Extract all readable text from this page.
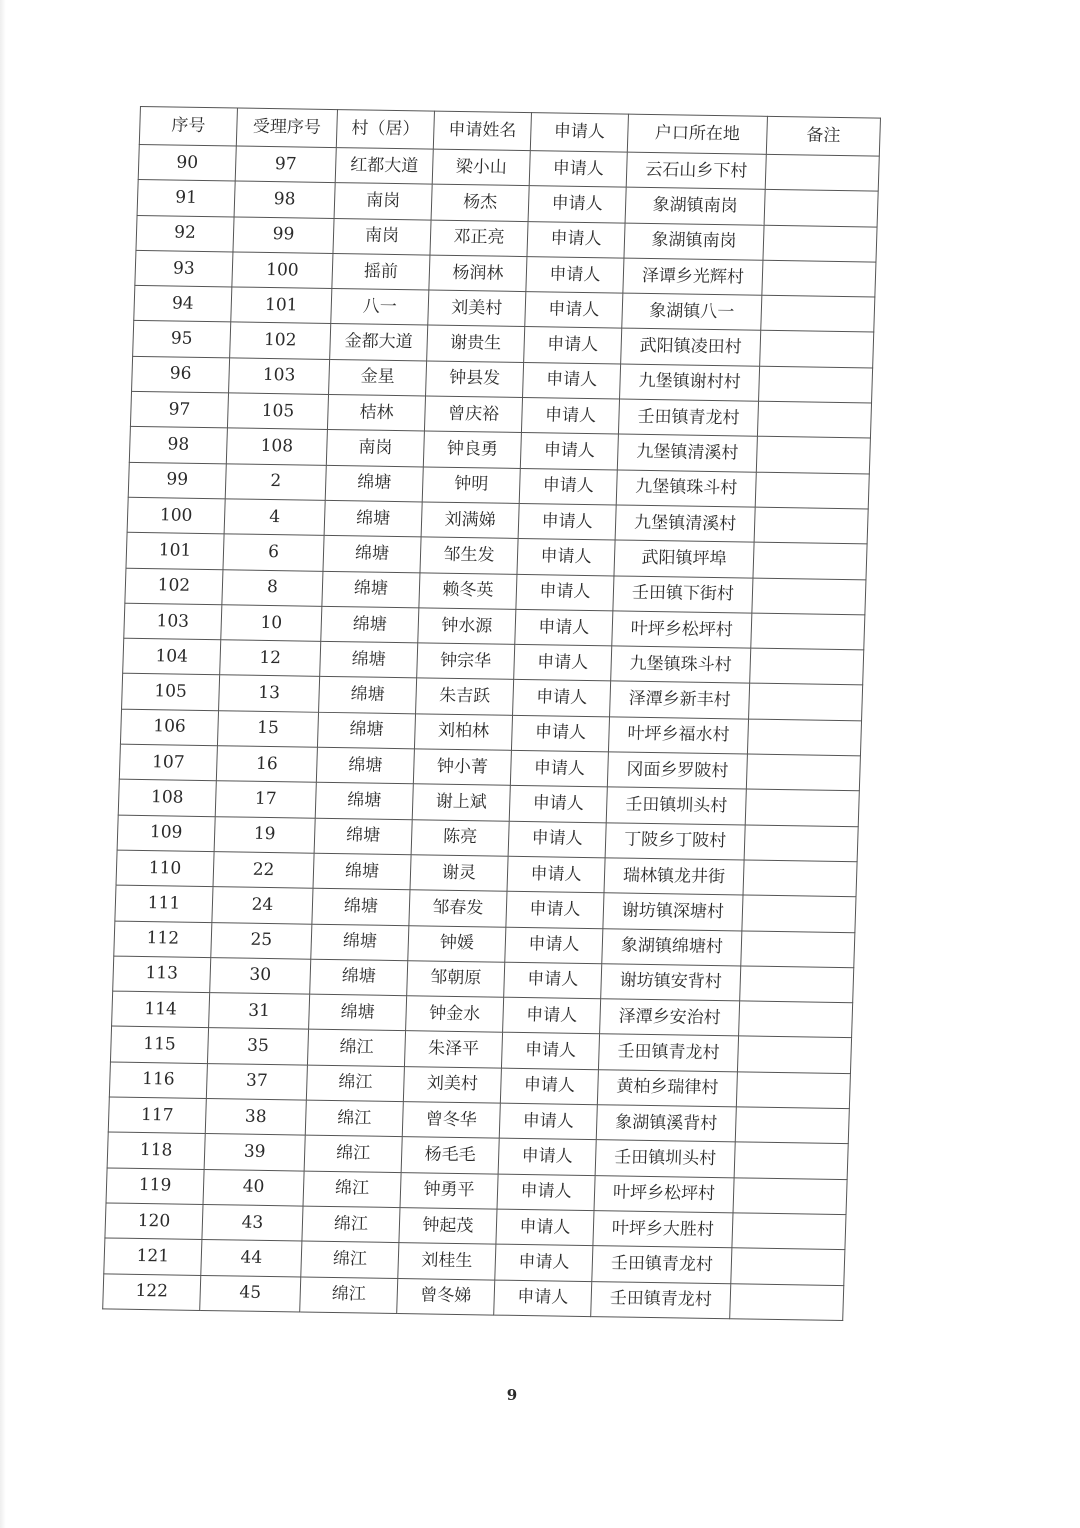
序号	受理序号	村（居）	申请姓名	申请人	户口所在地	备注
90	97	红都大道	梁小山	申请人	云石山乡下村	
91	98	南岗	杨杰	申请人	象湖镇南岗	
92	99	南岗	邓正亮	申请人	象湖镇南岗	
93	100	摇前	杨润林	申请人	泽谭乡光辉村	
94	101	八一	刘美村	申请人	象湖镇八一	
95	102	金都大道	谢贵生	申请人	武阳镇凌田村	
96	103	金星	钟县发	申请人	九堡镇谢村村	
97	105	桔林	曾庆裕	申请人	壬田镇青龙村	
98	108	南岗	钟良勇	申请人	九堡镇清溪村	
99	2	绵塘	钟明	申请人	九堡镇珠斗村	
100	4	绵塘	刘满娣	申请人	九堡镇清溪村	
101	6	绵塘	邹生发	申请人	武阳镇坪埠	
102	8	绵塘	赖冬英	申请人	壬田镇下街村	
103	10	绵塘	钟水源	申请人	叶坪乡松坪村	
104	12	绵塘	钟宗华	申请人	九堡镇珠斗村	
105	13	绵塘	朱吉跃	申请人	泽潭乡新丰村	
106	15	绵塘	刘柏林	申请人	叶坪乡福水村	
107	16	绵塘	钟小菁	申请人	冈面乡罗陂村	
108	17	绵塘	谢上斌	申请人	壬田镇圳头村	
109	19	绵塘	陈亮	申请人	丁陂乡丁陂村	
110	22	绵塘	谢灵	申请人	瑞林镇龙井街	
111	24	绵塘	邹春发	申请人	谢坊镇深塘村	
112	25	绵塘	钟媛	申请人	象湖镇绵塘村	
113	30	绵塘	邹朝原	申请人	谢坊镇安背村	
114	31	绵塘	钟金水	申请人	泽潭乡安治村	
115	35	绵江	朱泽平	申请人	壬田镇青龙村	
116	37	绵江	刘美村	申请人	黄柏乡瑞律村	
117	38	绵江	曾冬华	申请人	象湖镇溪背村	
118	39	绵江	杨毛毛	申请人	壬田镇圳头村	
119	40	绵江	钟勇平	申请人	叶坪乡松坪村	
120	43	绵江	钟起茂	申请人	叶坪乡大胜村	
121	44	绵江	刘桂生	申请人	壬田镇青龙村	
122	45	绵江	曾冬娣	申请人	壬田镇青龙村	
9
